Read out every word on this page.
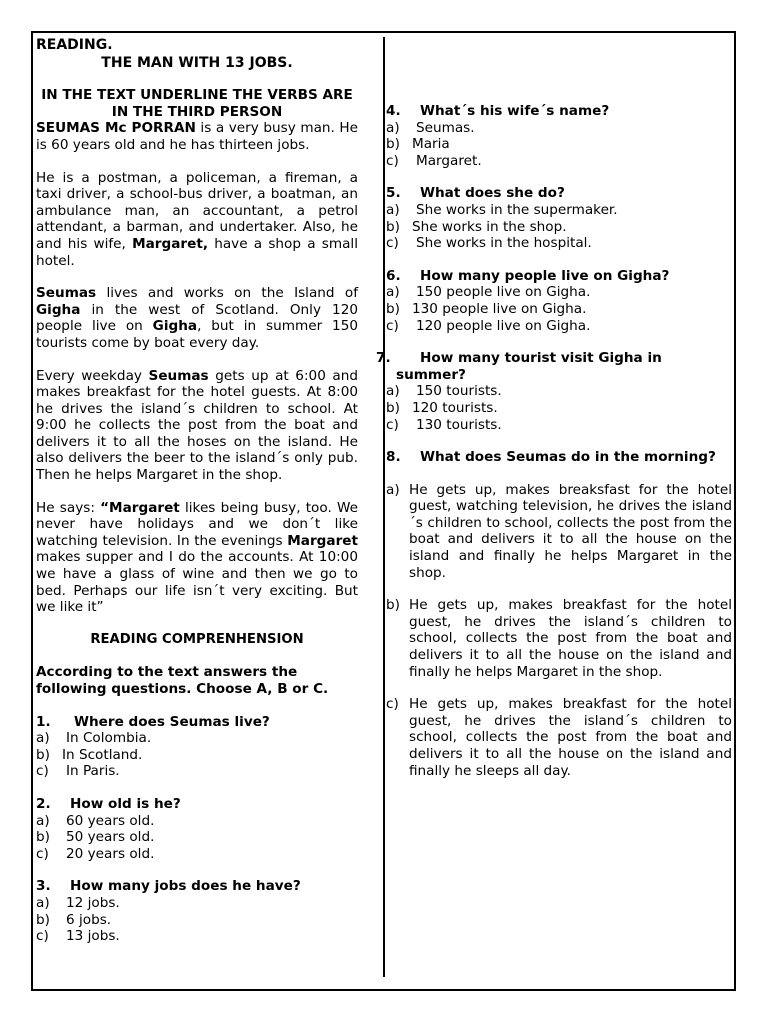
READING.

THE MAN WITH 13 JOBS.

IN THE TEXT UNDERLINE THE VERBS ARE IN THE THIRD PERSON

SEUMAS Mc PORRAN is a very busy man. He is 60 years old and he has thirteen jobs.

He is a postman, a policeman, a fireman, a taxi driver, a school-bus driver, a boatman, an ambulance man, an accountant, a petrol attendant, a barman, and undertaker. Also, he and his wife, Margaret, have a shop a small hotel.

Seumas lives and works on the Island of Gigha in the west of Scotland. Only 120 people live on Gigha, but in summer 150 tourists come by boat every day.

Every weekday Seumas gets up at 6:00 and makes breakfast for the hotel guests. At 8:00 he drives the island´s children to school. At 9:00 he collects the post from the boat and delivers it to all the hoses on the island. He also delivers the beer to the island´s only pub. Then he helps Margaret in the shop.

He says: “Margaret likes being busy, too. We never have holidays and we don´t like watching television. In the evenings Margaret makes supper and I do the accounts. At 10:00 we have a glass of wine and then we go to bed. Perhaps our life isn´t very exciting. But we like it”

READING COMPRENHENSION

According to the text answers the following questions. Choose A, B or C.

1. Where does Seumas live?

a)	In Colombia.
b) In Scotland.
c)	In Paris.

2. How old is he?

a)	60 years old.
b)	50 years old.
c)	20 years old.

3. How many jobs does he have?

a)	12 jobs.
b)	6 jobs.
c)	13 jobs.

4. What´s his wife´s name?

a)	Seumas.
b) Maria
c)	Margaret.

5. What does she do?

a)	She works in the supermaker.
b) She works in the shop.
c)	She works in the hospital.

6. How many people live on Gigha?

a)	150 people live on Gigha.
b) 130 people live on Gigha.
c)	120 people live on Gigha.

7. How many tourist visit Gigha in summer?

a)	150 tourists.
b) 120 tourists.
c)	130 tourists.

8. What does Seumas do in the morning?

a) He gets up, makes breaksfast for the hotel guest, watching television, he drives the island´s children to school, collects the post from the boat and delivers it to all the house on the island and finally he helps Margaret in the shop.
b) He gets up, makes breakfast for the hotel guest, he drives the island´s children to school, collects the post from the boat and delivers it to all the house on the island and finally he helps Margaret in the shop.
c) He gets up, makes breakfast for the hotel guest, he drives the island´s children to school, collects the post from the boat and delivers it to all the house on the island and finally he sleeps all day.
